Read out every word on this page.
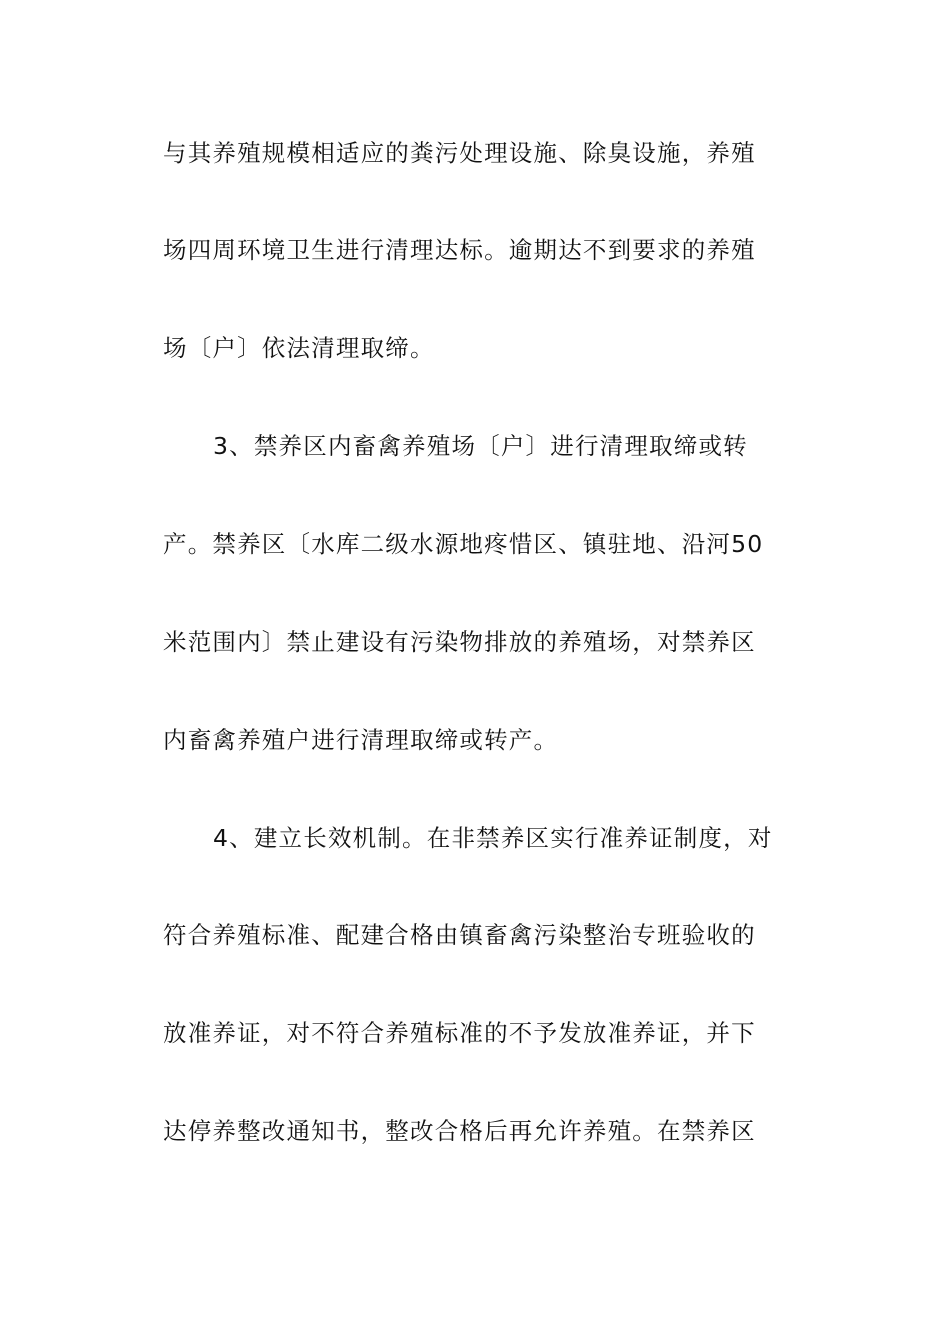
与其养殖规模相适应的粪污处理设施、除臭设施，养殖
场四周环境卫生进行清理达标。逾期达不到要求的养殖
场〔户〕依法清理取缔。
3、禁养区内畜禽养殖场〔户〕进行清理取缔或转
产。禁养区〔水库二级水源地疼惜区、镇驻地、沿河50
米范围内〕禁止建设有污染物排放的养殖场，对禁养区
内畜禽养殖户进行清理取缔或转产。
4、建立长效机制。在非禁养区实行准养证制度，对
符合养殖标准、配建合格由镇畜禽污染整治专班验收的
放准养证，对不符合养殖标准的不予发放准养证，并下
达停养整改通知书，整改合格后再允许养殖。在禁养区
